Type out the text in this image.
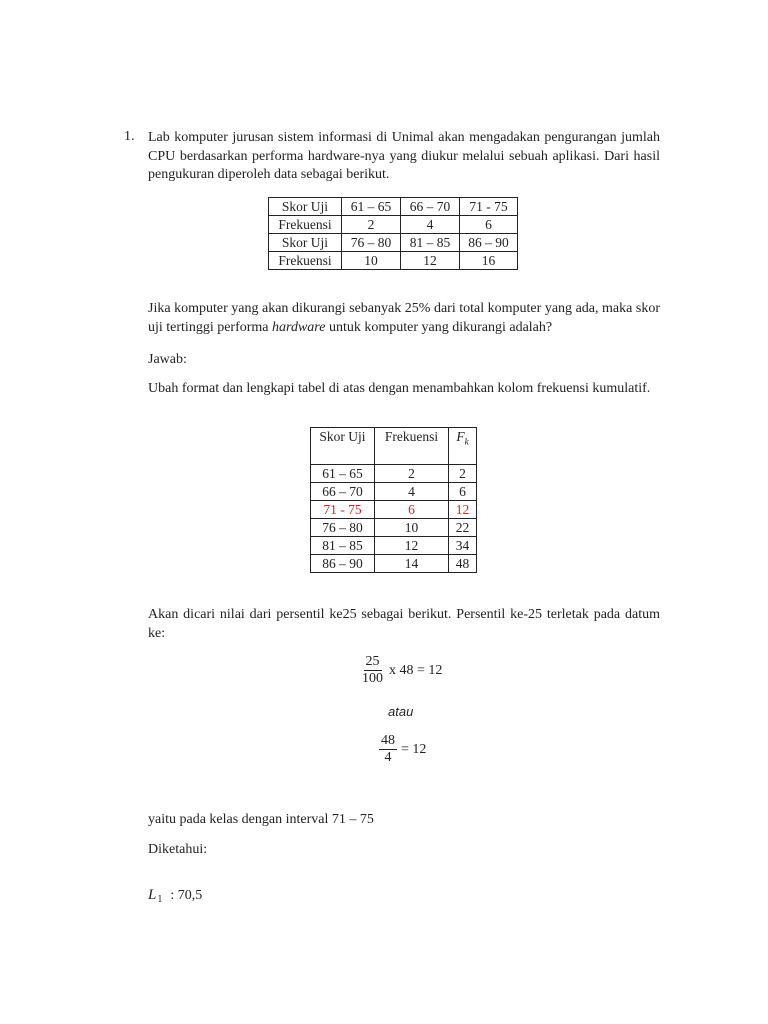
1. Lab komputer jurusan sistem informasi di Unimal akan mengadakan pengurangan jumlah CPU berdasarkan performa hardware-nya yang diukur melalui sebuah aplikasi. Dari hasil pengukuran diperoleh data sebagai berikut.
Skor Uji	61 – 65	66 – 70	71 - 75
Frekuensi	2	4	6
Skor Uji	76 – 80	81 – 85	86 – 90
Frekuensi	10	12	16
Jika komputer yang akan dikurangi sebanyak 25% dari total komputer yang ada, maka skor uji tertinggi performa hardware untuk komputer yang dikurangi adalah?
Jawab:
Ubah format dan lengkapi tabel di atas dengan menambahkan kolom frekuensi kumulatif.
Skor Uji	Frekuensi	$F_k$
61 – 65	2	2
66 – 70	4	6
71 - 75	6	12
76 – 80	10	22
81 – 85	12	34
86 – 90	14	48
Akan dicari nilai dari persentil ke25 sebagai berikut. Persentil ke-25 terletak pada datum ke:
$\frac{25}{100}$ x 48 = 12
atau
$\frac{48}{4} = 12$
yaitu pada kelas dengan interval 71 – 75
Diketahui:
L 1 : 70,5
